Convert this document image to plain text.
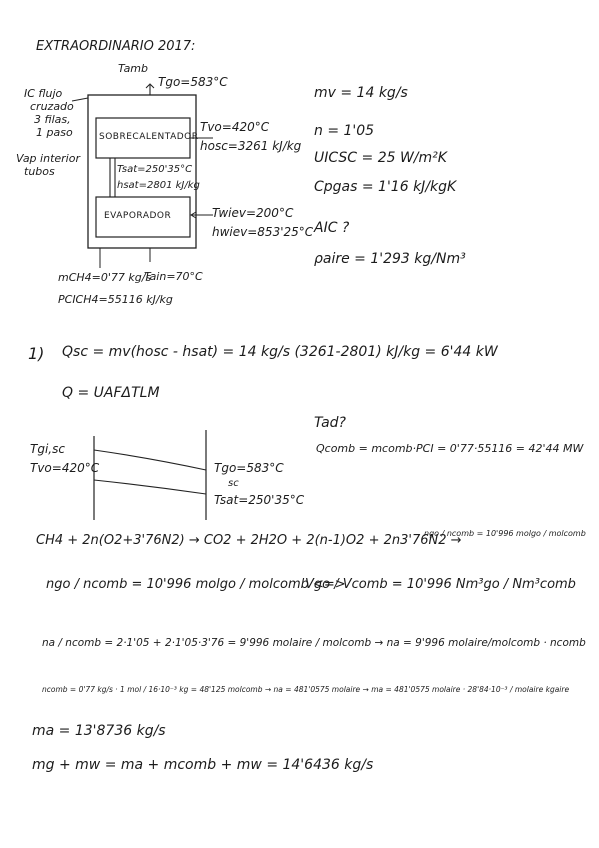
EXTRAORDINARIO 2017:
Tamb
Tgo=583°C
IC flujo
cruzado
3 filas,
1 paso
Vap interior
tubos
SOBRECALENTADOR
EVAPORADOR
Tvo=420°C
hosc=3261 kJ/kg
Tsat=250'35°C
hsat=2801 kJ/kg
Twiev=200°C
hwiev=853'25°C
mCH4=0'77 kg/s
Tain=70°C
PCICH4=55116 kJ/kg
mv = 14 kg/s
n = 1'05
UICSC = 25 W/m²K
Cpgas = 1'16 kJ/kgK
AIC ?
ρaire = 1'293 kg/Nm³
1) Qsc = mv(hosc - hsat) = 14 kg/s (3261-2801) kJ/kg = 6'44 kW
Q = UAFΔTLM
Tgi,sc
Tvo=420°C	Tgo=583°C
sc
Tsat=250'35°C
Tad?
Qcomb = mcomb·PCI = 0'77·55116 = 42'44 MW
CH4 + 2n(O2+3'76N2) → CO2 + 2H2O + 2(n-1)O2 + 2n3'76N2 →
ngo / ncomb = 10'996 molgo / molcomb
ngo / ncomb = 10'996 molgo / molcomb <=>
Vgo / Vcomb = 10'996 Nm³go / Nm³comb
na / ncomb = 2·1'05 + 2·1'05·3'76 = 9'996 molaire / molcomb → na = 9'996 molaire/molcomb · ncomb
ncomb = 0'77 kg/s · 1 mol / 16·10⁻³ kg = 48'125 molcomb → na = 481'0575 molaire → ma = 481'0575 molaire · 28'84·10⁻³ / molaire kgaire
ma = 13'8736 kg/s
mg + mw = ma + mcomb + mw = 14'6436 kg/s
